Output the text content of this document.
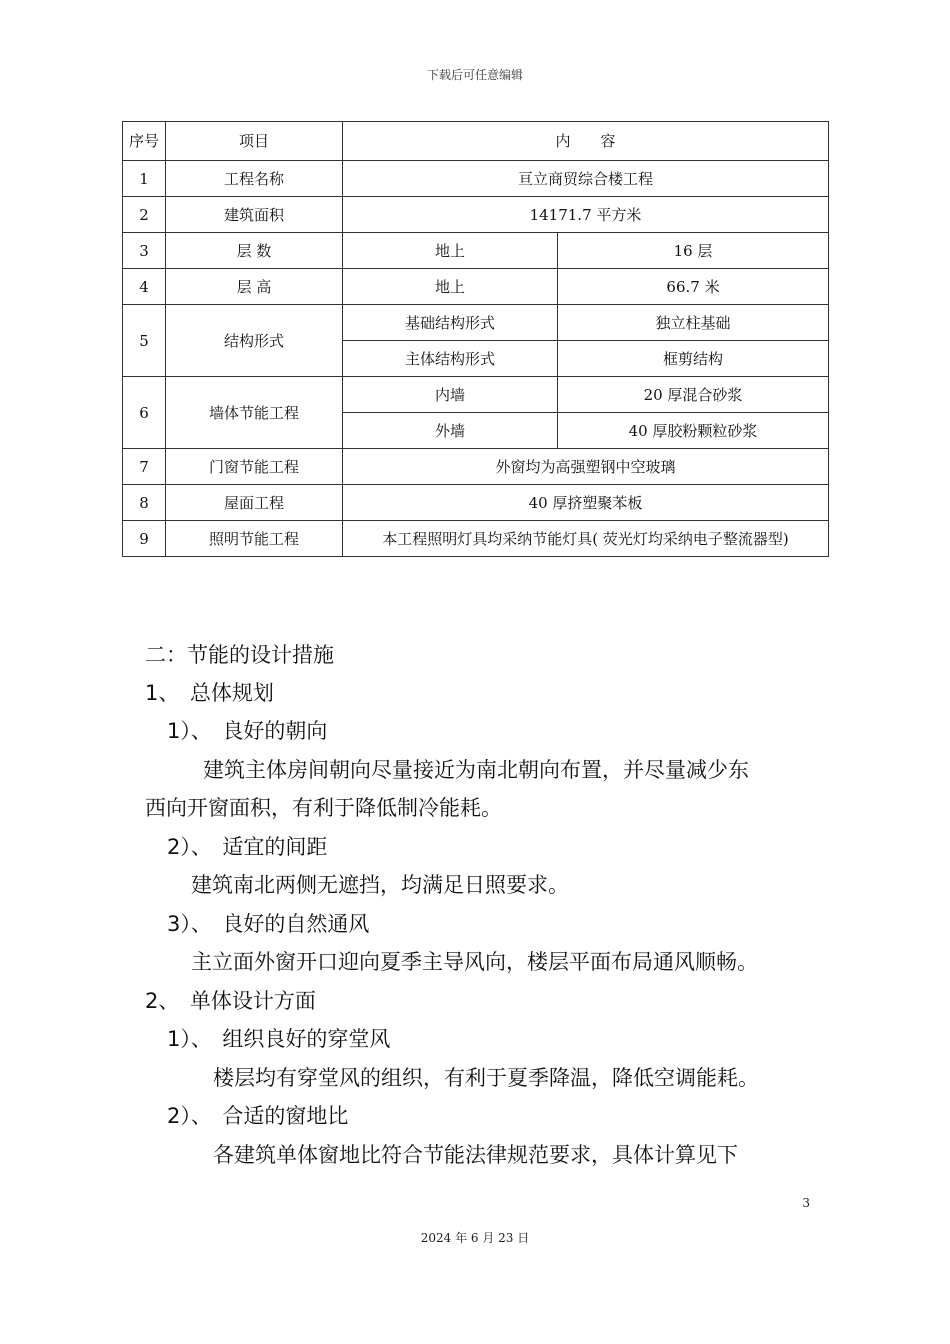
下载后可任意编辑
序号	项目	内　　容	
1	工程名称	亘立商贸综合楼工程	
2	建筑面积	14171.7 平方米	
3	层 数	地上	16 层
4	层 高	地上	66.7 米
5	结构形式	基础结构形式	独立柱基础
		主体结构形式	框剪结构
6	墙体节能工程	内墙	20 厚混合砂浆
		外墙	40 厚胶粉颗粒砂浆
7	门窗节能工程	外窗均为高强塑钢中空玻璃	
8	屋面工程	40 厚挤塑聚苯板	
9	照明节能工程	本工程照明灯具均采纳节能灯具( 荧光灯均采纳电子整流器型)	
二：节能的设计措施
1、　总体规划
1）、　良好的朝向
建筑主体房间朝向尽量接近为南北朝向布置，并尽量减少东
西向开窗面积，有利于降低制冷能耗。
2）、　适宜的间距
建筑南北两侧无遮挡，均满足日照要求。
3）、　良好的自然通风
主立面外窗开口迎向夏季主导风向，楼层平面布局通风顺畅。
2、　单体设计方面
1）、　组织良好的穿堂风
楼层均有穿堂风的组织，有利于夏季降温，降低空调能耗。
2）、　合适的窗地比
各建筑单体窗地比符合节能法律规范要求，具体计算见下
3
2024 年 6 月 23 日
